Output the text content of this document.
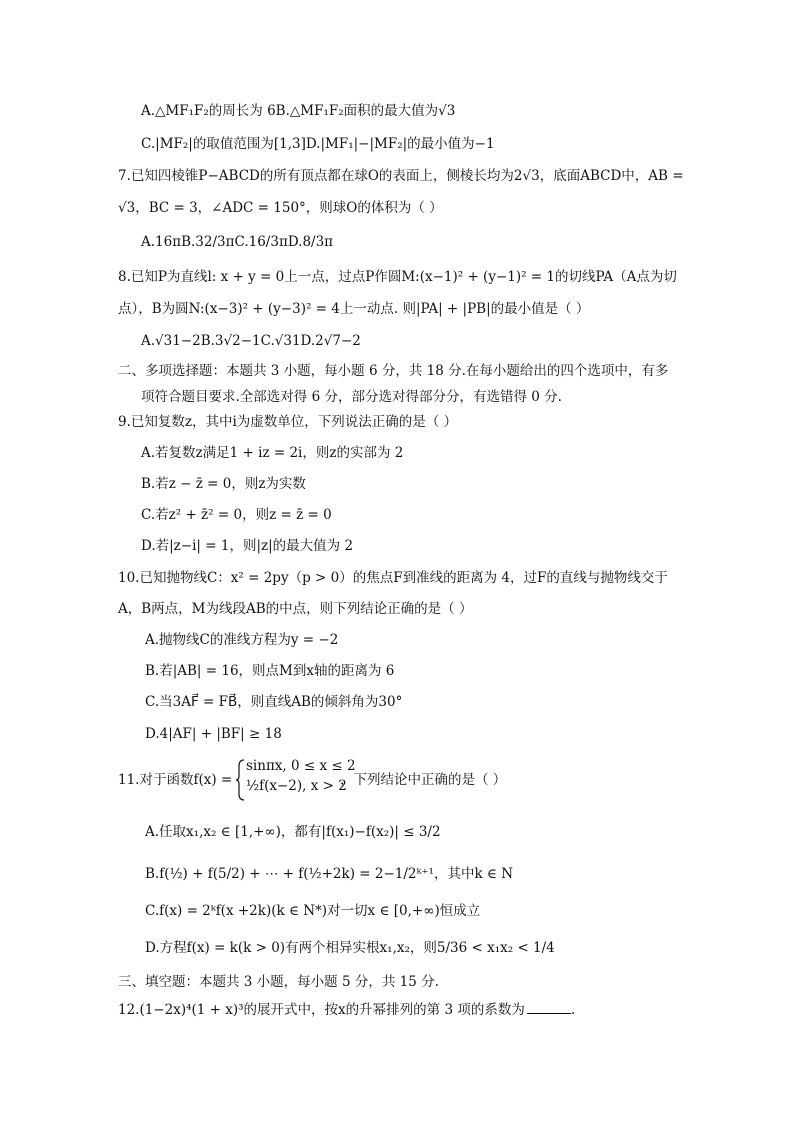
A.△MF₁F₂的周长为 6B.△MF₁F₂面积的最大值为√3
C.|MF₂|的取值范围为[1,3]D.|MF₁|−|MF₂|的最小值为−1
7.已知四棱锥P−ABCD的所有顶点都在球O的表面上，侧棱长均为2√3，底面ABCD中，AB =
√3，BC = 3，∠ADC = 150°，则球O的体积为（ ）
A.16πB.32/3πC.16/3πD.8/3π
8.已知P为直线l: x + y = 0上一点，过点P作圆M:(x−1)² + (y−1)² = 1的切线PA（A点为切
点），B为圆N:(x−3)² + (y−3)² = 4上一动点. 则|PA| + |PB|的最小值是（ ）
A.√31−2B.3√2−1C.√31D.2√7−2
二、多项选择题：本题共 3 小题，每小题 6 分，共 18 分.在每小题给出的四个选项中，有多
项符合题目要求.全部选对得 6 分，部分选对得部分分，有选错得 0 分.
9.已知复数z，其中i为虚数单位，下列说法正确的是（ ）
A.若复数z满足1 + iz = 2i，则z的实部为 2
B.若z − z̄ = 0，则z为实数
C.若z² + z̄² = 0，则z = z̄ = 0
D.若|z−i| = 1，则|z|的最大值为 2
10.已知抛物线C：x² = 2py（p > 0）的焦点F到准线的距离为 4，过F的直线与抛物线交于
A，B两点，M为线段AB的中点，则下列结论正确的是（ ）
A.抛物线C的准线方程为y = −2
B.若|AB| = 16，则点M到x轴的距离为 6
C.当3AF⃗ = FB⃗，则直线AB的倾斜角为30°
D.4|AF| + |BF| ≥ 18
11.对于函数f(x) =
sinπx, 0 ≤ x ≤ 2
½f(x−2), x > 2
，下列结论中正确的是（ ）
A.任取x₁,x₂ ∈ [1,+∞)，都有|f(x₁)−f(x₂)| ≤ 3/2
B.f(½) + f(5/2) + ⋯ + f(½+2k) = 2−1/2ᵏ⁺¹，其中k ∈ N
C.f(x) = 2ᵏf(x +2k)(k ∈ N*)对一切x ∈ [0,+∞)恒成立
D.方程f(x) = k(k > 0)有两个相异实根x₁,x₂，则5/36 < x₁x₂ < 1/4
三、填空题：本题共 3 小题，每小题 5 分，共 15 分.
12.(1−2x)⁴(1 + x)³的展开式中，按x的升幂排列的第 3 项的系数为	.
